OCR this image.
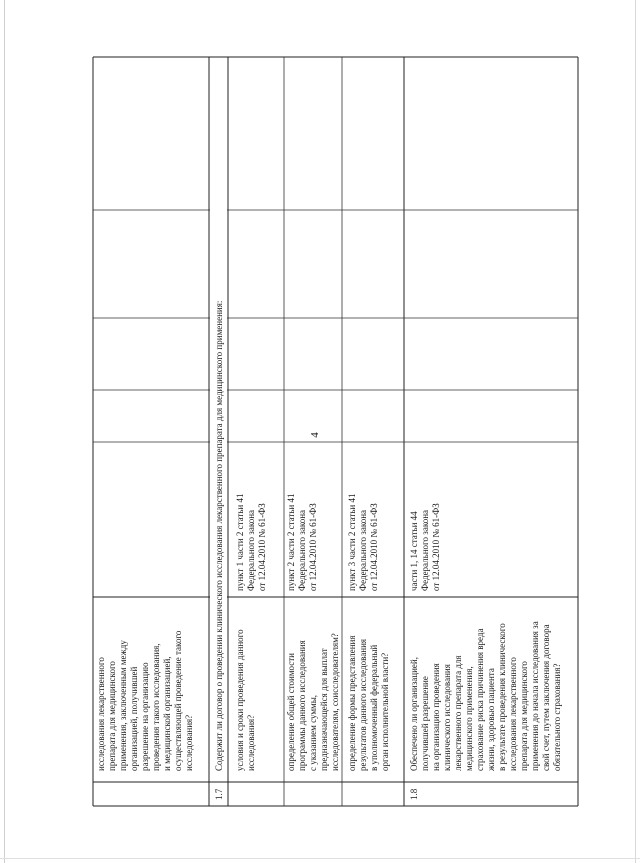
4
исследования лекарственного препарата для медицинского применения, заключенным между организацией, получившей разрешение на организацию проведения такого исследования, и медицинской организацией, осуществляющей проведение такого исследования?
1.7
Содержит ли договор о проведении клинического исследования лекарственного препарата для медицинского применения: условия и сроки проведения данного исследования?
пункт 1 части 2 статьи 41 Федерального закона от 12.04.2010 № 61-ФЗ
определение общей стоимости программы данного исследования с указанием суммы, предназначающейся для выплат исследователям, соисследователям?
пункт 2 части 2 статьи 41 Федерального закона от 12.04.2010 № 61-ФЗ
определение формы представления результатов данного исследования в уполномоченный федеральный орган исполнительной власти?
пункт 3 части 2 статьи 41 Федерального закона от 12.04.2010 № 61-ФЗ
1.8
Обеспечено ли организацией, получившей разрешение на организацию проведения клинического исследования лекарственного препарата для медицинского применения, страхование риска причинения вреда жизни, здоровью пациента в результате проведения клинического исследования лекарственного препарата для медицинского применения до начала исследования за свой счет, путем заключения договора обязательного страхования?
части 1, 14 статьи 44 Федерального закона от 12.04.2010 № 61-ФЗ
